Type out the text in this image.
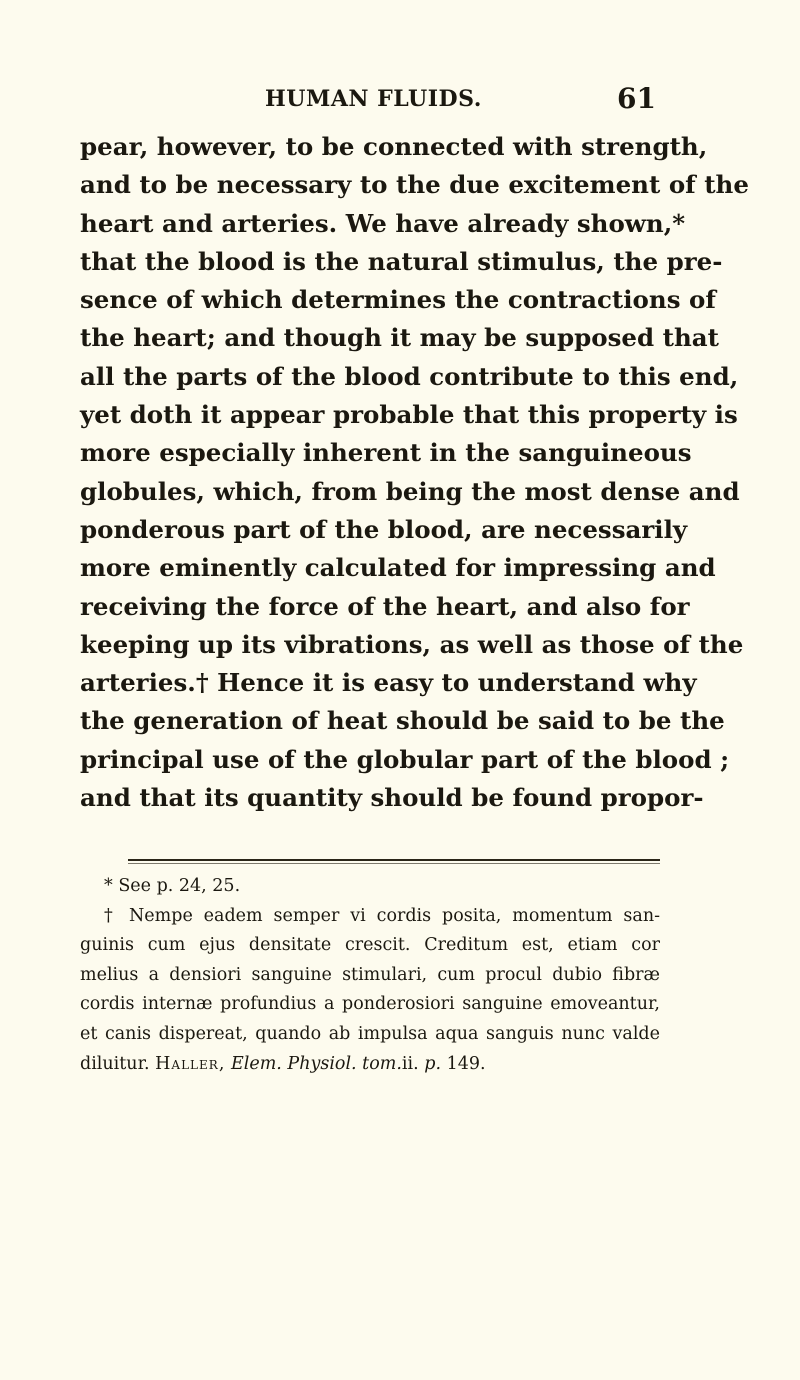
HUMAN FLUIDS.	61
pear, however, to be connected with strength,
and to be necessary to the due excitement of the
heart and arteries. We have already shown,*
that the blood is the natural stimulus, the pre-
sence of which determines the contractions of
the heart; and though it may be supposed that
all the parts of the blood contribute to this end,
yet doth it appear probable that this property is
more especially inherent in the sanguineous
globules, which, from being the most dense and
ponderous part of the blood, are necessarily
more eminently calculated for impressing and
receiving the force of the heart, and also for
keeping up its vibrations, as well as those of the
arteries.† Hence it is easy to understand why
the generation of heat should be said to be the
principal use of the globular part of the blood ;
and that its quantity should be found propor-
* See p. 24, 25.
† Nempe eadem semper vi cordis posita, momentum san-
guinis cum ejus densitate crescit. Creditum est, etiam cor
melius a densiori sanguine stimulari, cum procul dubio fibræ
cordis internæ profundius a ponderosiori sanguine emoveantur,
et canis dispereat, quando ab impulsa aqua sanguis nunc valde
diluitur. Haller, Elem. Physiol. tom.ii. p. 149.
